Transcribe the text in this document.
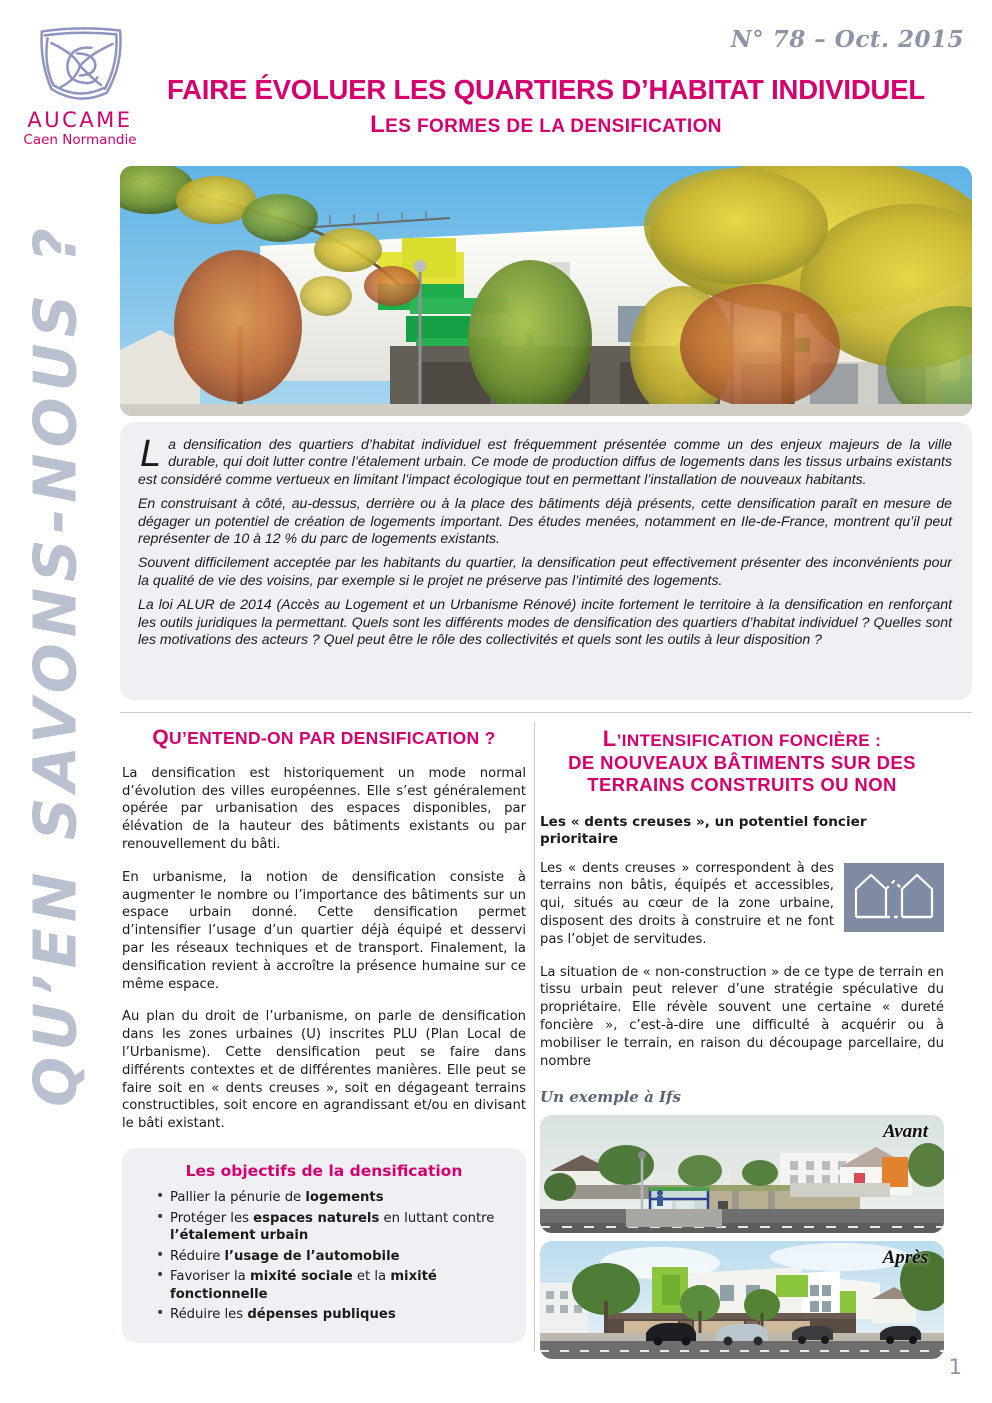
QU’EN SAVONS-NOUS ?
AUCAME
Caen Normandie
N° 78 – Oct. 2015
FAIRE ÉVOLUER LES QUARTIERS D’HABITAT INDIVIDUEL
LES FORMES DE LA DENSIFICATION

La densification des quartiers d’habitat individuel est fréquemment présentée comme un des enjeux majeurs de la ville durable, qui doit lutter contre l’étalement urbain. Ce mode de production diffus de logements dans les tissus urbains existants est considéré comme vertueux en limitant l’impact écologique tout en permettant l’installation de nouveaux habitants.

En construisant à côté, au-dessus, derrière ou à la place des bâtiments déjà présents, cette densification paraît en mesure de dégager un potentiel de création de logements important. Des études menées, notamment en Ile-de-France, montrent qu’il peut représenter de 10 à 12 % du parc de logements existants.

Souvent difficilement acceptée par les habitants du quartier, la densification peut effectivement présenter des inconvénients pour la qualité de vie des voisins, par exemple si le projet ne préserve pas l’intimité des logements.

La loi ALUR de 2014 (Accès au Logement et un Urbanisme Rénové) incite fortement le territoire à la densification en renforçant les outils juridiques la permettant. Quels sont les différents modes de densification des quartiers d’habitat individuel ? Quelles sont les motivations des acteurs ? Quel peut être le rôle des collectivités et quels sont les outils à leur disposition ?

QU’ENTEND-ON PAR DENSIFICATION ?

La densification est historiquement un mode normal d’évolution des villes européennes. Elle s’est généralement opérée par urbanisation des espaces disponibles, par élévation de la hauteur des bâtiments existants ou par renouvellement du bâti.

En urbanisme, la notion de densification consiste à augmenter le nombre ou l’importance des bâtiments sur un espace urbain donné. Cette densification permet d’intensifier l’usage d’un quartier déjà équipé et desservi par les réseaux techniques et de transport. Finalement, la densification revient à accroître la présence humaine sur ce même espace.

Au plan du droit de l’urbanisme, on parle de densification dans les zones urbaines (U) inscrites PLU (Plan Local de l’Urbanisme). Cette densification peut se faire dans différents contextes et de différentes manières. Elle peut se faire soit en « dents creuses », soit en dégageant terrains constructibles, soit encore en agrandissant et/ou en divisant le bâti existant.

Les objectifs de la densification
• Pallier la pénurie de logements
• Protéger les espaces naturels en luttant contre l’étalement urbain
• Réduire l’usage de l’automobile
• Favoriser la mixité sociale et la mixité fonctionnelle
• Réduire les dépenses publiques
L’INTENSIFICATION FONCIÈRE :
DE NOUVEAUX BÂTIMENTS SUR DES
TERRAINS CONSTRUITS OU NON

Les « dents creuses », un potentiel foncier prioritaire

Les « dents creuses » correspondent à des terrains non bâtis, équipés et accessibles, qui, situés au cœur de la zone urbaine, disposent des droits à construire et ne font pas l’objet de servitudes.

La situation de « non-construction » de ce type de terrain en tissu urbain peut relever d’une stratégie spéculative du propriétaire. Elle révèle souvent une certaine « dureté foncière », c’est-à-dire une difficulté à acquérir ou à mobiliser le terrain, en raison du découpage parcellaire, du nombre

Un exemple à Ifs
Avant
Après
1
